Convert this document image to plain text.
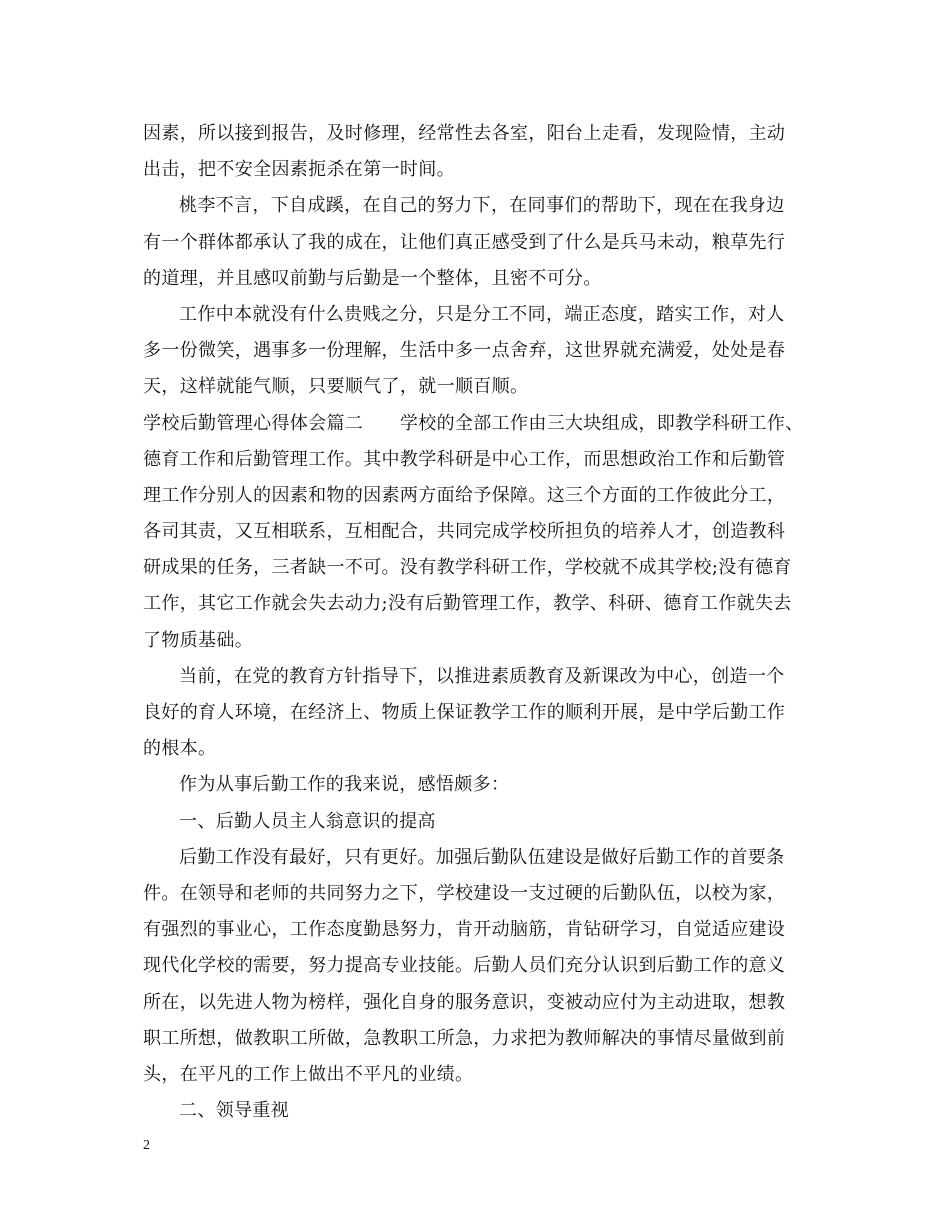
因素，所以接到报告，及时修理，经常性去各室，阳台上走看，发现险情，主动
出击，把不安全因素扼杀在第一时间。
桃李不言，下自成蹊，在自己的努力下，在同事们的帮助下，现在在我身边
有一个群体都承认了我的成在，让他们真正感受到了什么是兵马未动，粮草先行
的道理，并且感叹前勤与后勤是一个整体，且密不可分。
工作中本就没有什么贵贱之分，只是分工不同，端正态度，踏实工作，对人
多一份微笑，遇事多一份理解，生活中多一点舍弃，这世界就充满爱，处处是春
天，这样就能气顺，只要顺气了，就一顺百顺。
学校后勤管理心得体会篇二　　学校的全部工作由三大块组成，即教学科研工作、
德育工作和后勤管理工作。其中教学科研是中心工作，而思想政治工作和后勤管
理工作分别人的因素和物的因素两方面给予保障。这三个方面的工作彼此分工，
各司其责，又互相联系，互相配合，共同完成学校所担负的培养人才，创造教科
研成果的任务，三者缺一不可。没有教学科研工作，学校就不成其学校;没有德育
工作，其它工作就会失去动力;没有后勤管理工作，教学、科研、德育工作就失去
了物质基础。
当前，在党的教育方针指导下，以推进素质教育及新课改为中心，创造一个
良好的育人环境，在经济上、物质上保证教学工作的顺利开展，是中学后勤工作
的根本。
作为从事后勤工作的我来说，感悟颇多：
一、后勤人员主人翁意识的提高
后勤工作没有最好，只有更好。加强后勤队伍建设是做好后勤工作的首要条
件。在领导和老师的共同努力之下，学校建设一支过硬的后勤队伍，以校为家，
有强烈的事业心，工作态度勤恳努力，肯开动脑筋，肯钻研学习，自觉适应建设
现代化学校的需要，努力提高专业技能。后勤人员们充分认识到后勤工作的意义
所在，以先进人物为榜样，强化自身的服务意识，变被动应付为主动进取，想教
职工所想，做教职工所做，急教职工所急，力求把为教师解决的事情尽量做到前
头，在平凡的工作上做出不平凡的业绩。
二、领导重视
2
